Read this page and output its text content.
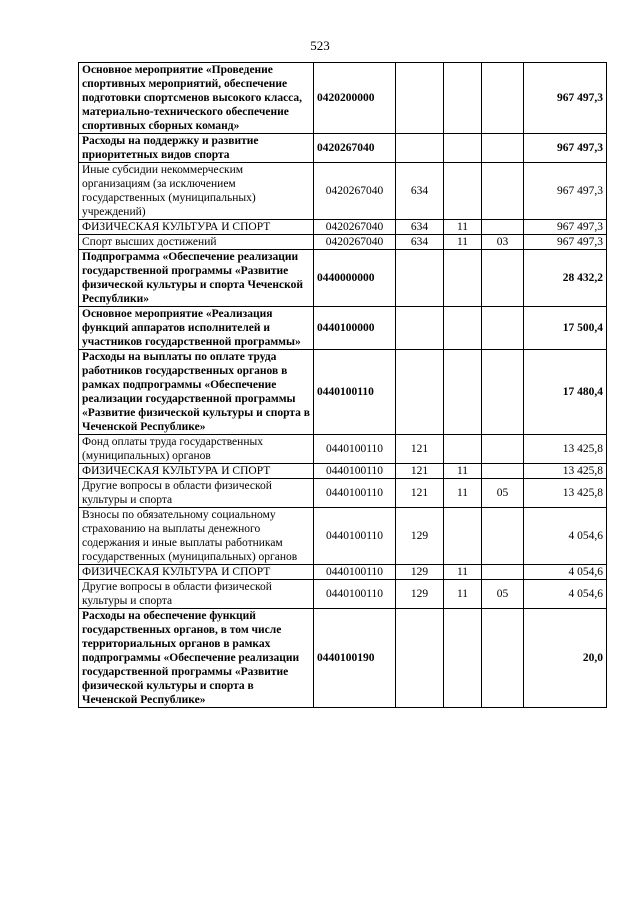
523
Основное мероприятие «Проведение спортивных мероприятий, обеспечение подготовки спортсменов высокого класса, материально-технического обеспечение спортивных сборных команд»	0420200000				967 497,3
Расходы на поддержку и развитие приоритетных видов спорта	0420267040				967 497,3
Иные субсидии некоммерческим организациям (за исключением государственных (муниципальных) учреждений)	0420267040	634			967 497,3
ФИЗИЧЕСКАЯ КУЛЬТУРА И СПОРТ	0420267040	634	11		967 497,3
Спорт высших достижений	0420267040	634	11	03	967 497,3
Подпрограмма «Обеспечение реализации государственной программы «Развитие физической культуры и спорта Чеченской Республики»	0440000000				28 432,2
Основное мероприятие «Реализация функций аппаратов исполнителей и участников государственной программы»	0440100000				17 500,4
Расходы на выплаты по оплате труда работников государственных органов в рамках подпрограммы «Обеспечение реализации государственной программы «Развитие физической культуры и спорта в Чеченской Республике»	0440100110				17 480,4
Фонд оплаты труда государственных (муниципальных) органов	0440100110	121			13 425,8
ФИЗИЧЕСКАЯ КУЛЬТУРА И СПОРТ	0440100110	121	11		13 425,8
Другие вопросы в области физической культуры и спорта	0440100110	121	11	05	13 425,8
Взносы по обязательному социальному страхованию на выплаты денежного содержания и иные выплаты работникам государственных (муниципальных) органов	0440100110	129			4 054,6
ФИЗИЧЕСКАЯ КУЛЬТУРА И СПОРТ	0440100110	129	11		4 054,6
Другие вопросы в области физической культуры и спорта	0440100110	129	11	05	4 054,6
Расходы на обеспечение функций государственных органов, в том числе территориальных органов в рамках подпрограммы «Обеспечение реализации государственной программы «Развитие физической культуры и спорта в Чеченской Республике»	0440100190				20,0
